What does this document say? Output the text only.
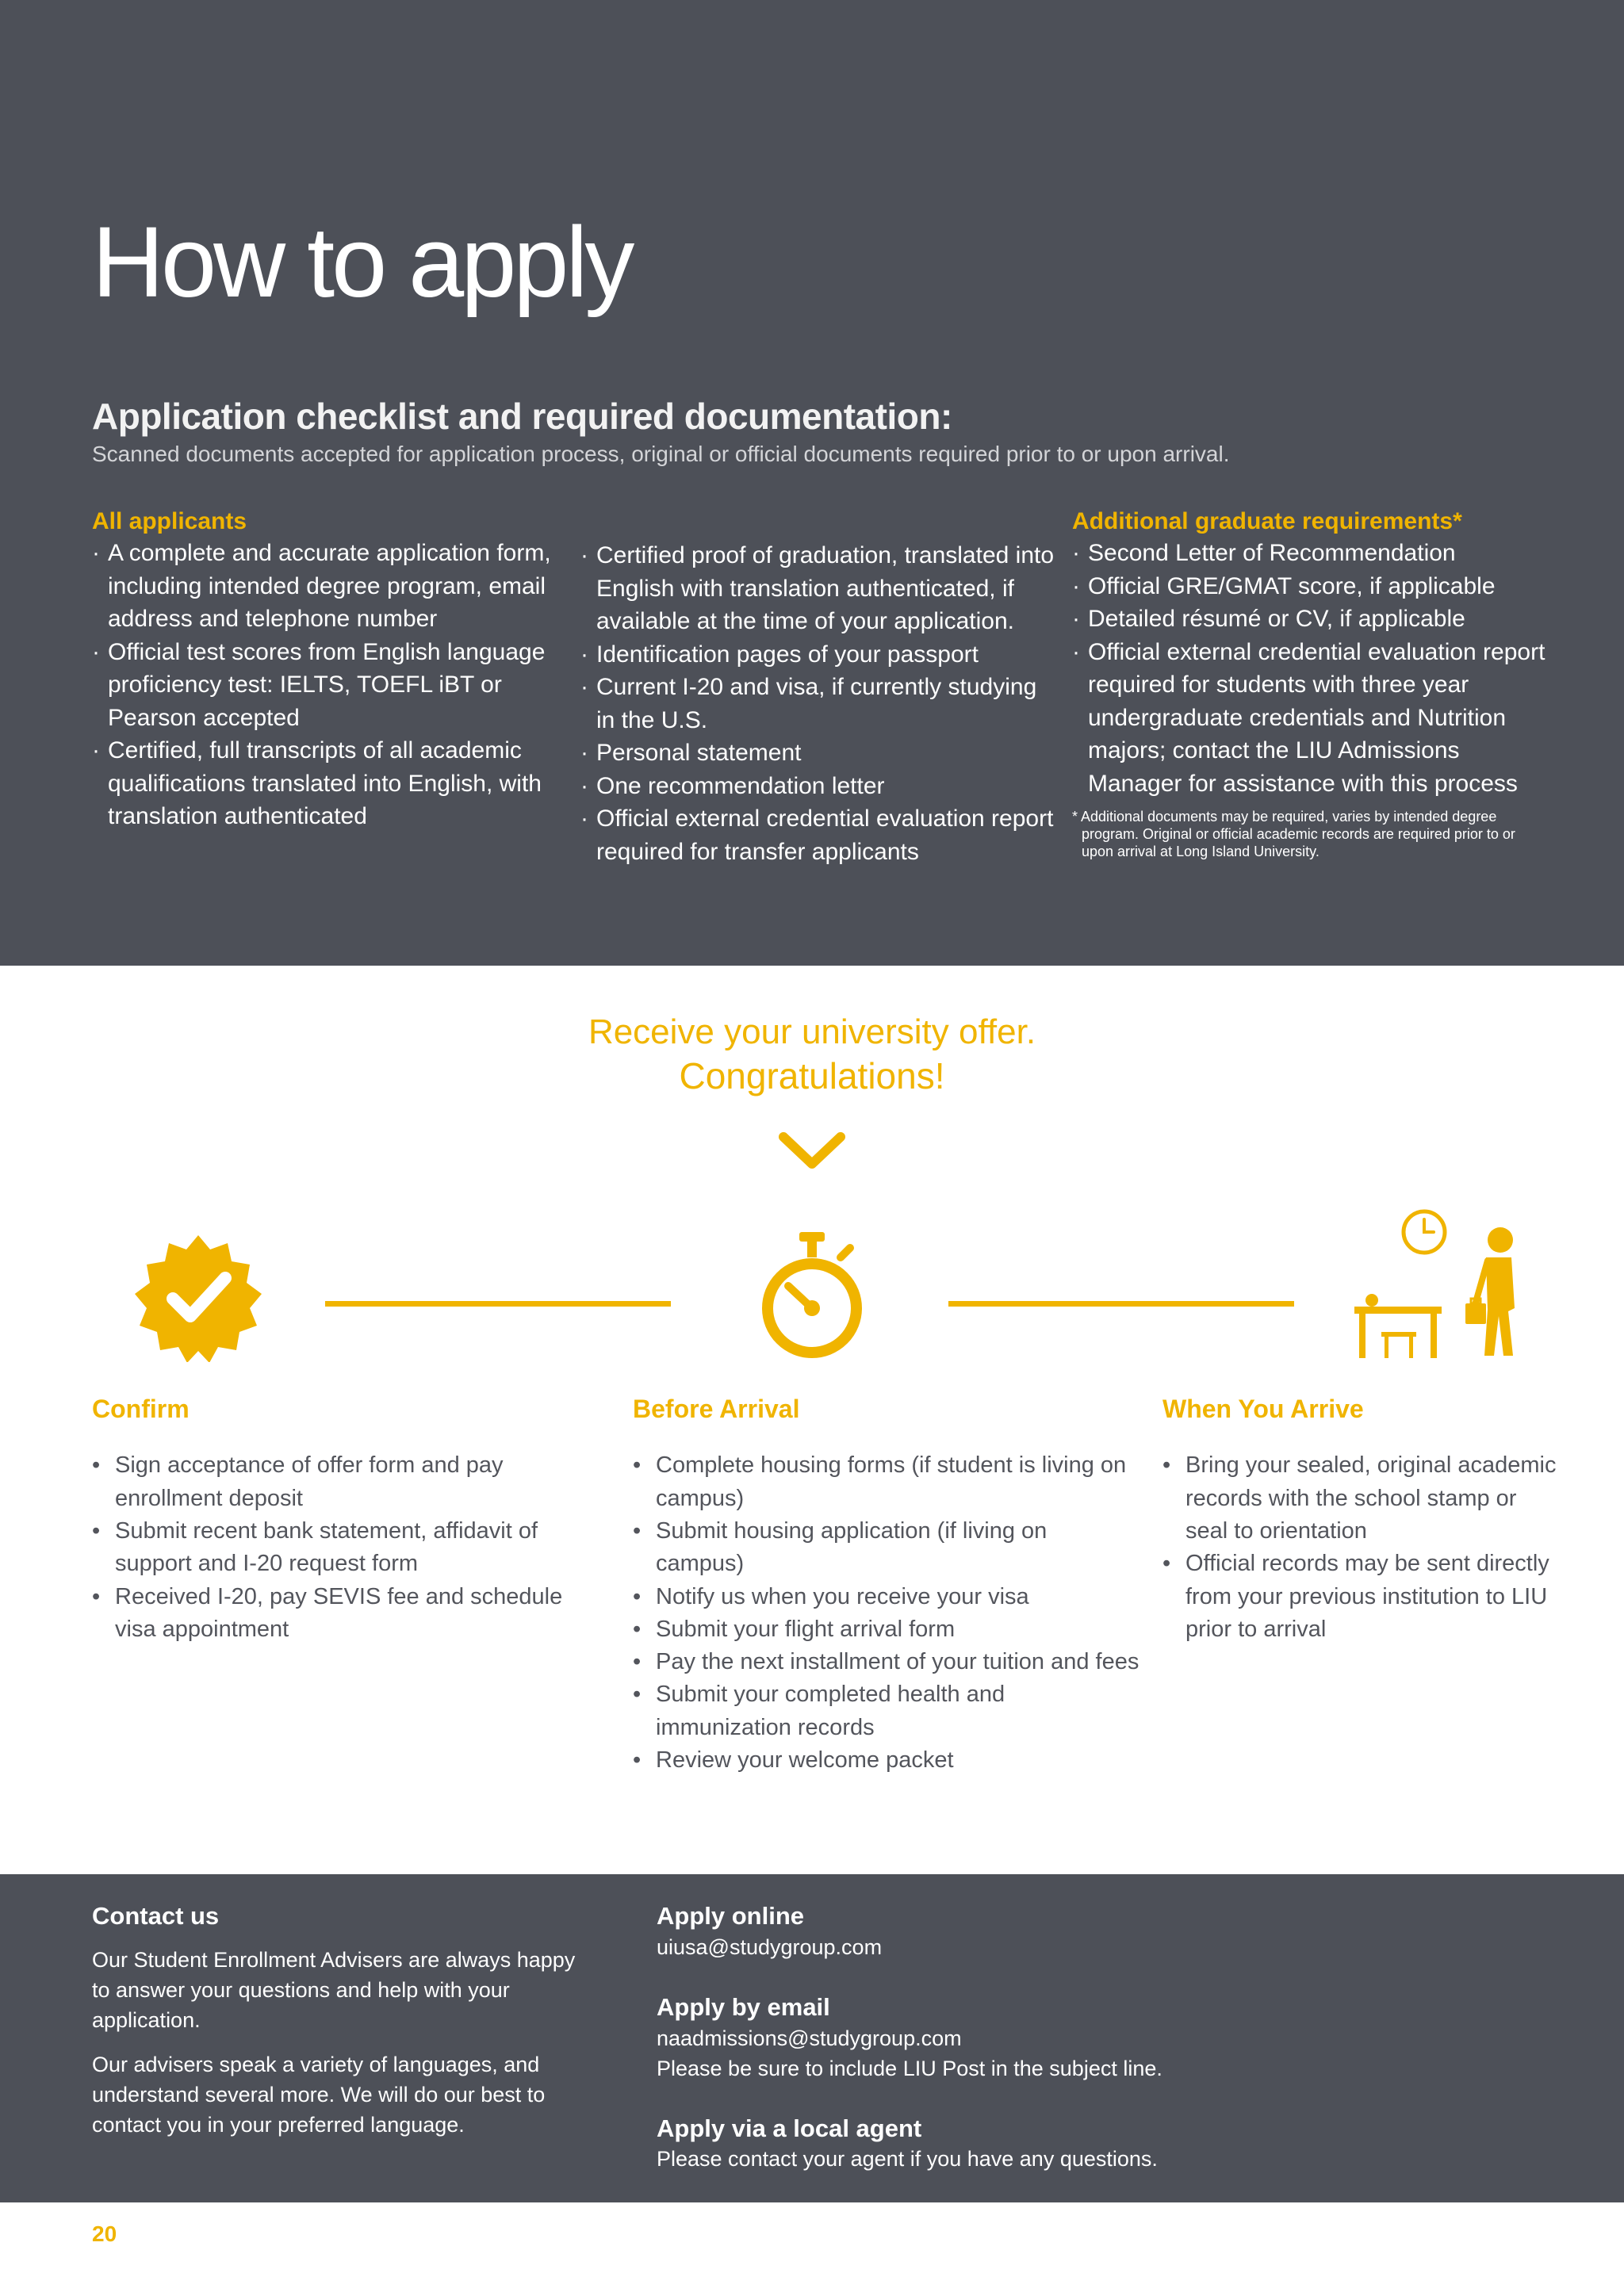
How to apply
Application checklist and required documentation:

Scanned documents accepted for application process, original or official documents required prior to or upon arrival.

All applicants
· A complete and accurate application form, including intended degree program, email address and telephone number
· Official test scores from English language proficiency test: IELTS, TOEFL iBT or Pearson accepted
· Certified, full transcripts of all academic qualifications translated into English, with translation authenticated
· Certified proof of graduation, translated into English with translation authenticated, if available at the time of your application.
· Identification pages of your passport
· Current I-20 and visa, if currently studying in the U.S.
· Personal statement
· One recommendation letter
· Official external credential evaluation report required for transfer applicants
Additional graduate requirements*
· Second Letter of Recommendation
· Official GRE/GMAT score, if applicable
· Detailed résumé or CV, if applicable
· Official external credential evaluation report required for students with three year undergraduate credentials and Nutrition majors; contact the LIU Admissions Manager for assistance with this process

* Additional documents may be required, varies by intended degree program. Original or official academic records are required prior to or upon arrival at Long Island University.

Receive your university offer.
Congratulations!
Confirm
• Sign acceptance of offer form and pay enrollment deposit
• Submit recent bank statement, affidavit of support and I-20 request form
• Received I-20, pay SEVIS fee and schedule visa appointment
Before Arrival
• Complete housing forms (if student is living on campus)
• Submit housing application (if living on campus)
• Notify us when you receive your visa
• Submit your flight arrival form
• Pay the next installment of your tuition and fees
• Submit your completed health and immunization records
• Review your welcome packet
When You Arrive
• Bring your sealed, original academic records with the school stamp or seal to orientation
• Official records may be sent directly from your previous institution to LIU prior to arrival
Contact us

Our Student Enrollment Advisers are always happy to answer your questions and help with your application.

Our advisers speak a variety of languages, and understand several more. We will do our best to contact you in your preferred language.

Apply online
uiusa@studygroup.com
Apply by email
naadmissions@studygroup.com
Please be sure to include LIU Post in the subject line.
Apply via a local agent
Please contact your agent if you have any questions.
20
